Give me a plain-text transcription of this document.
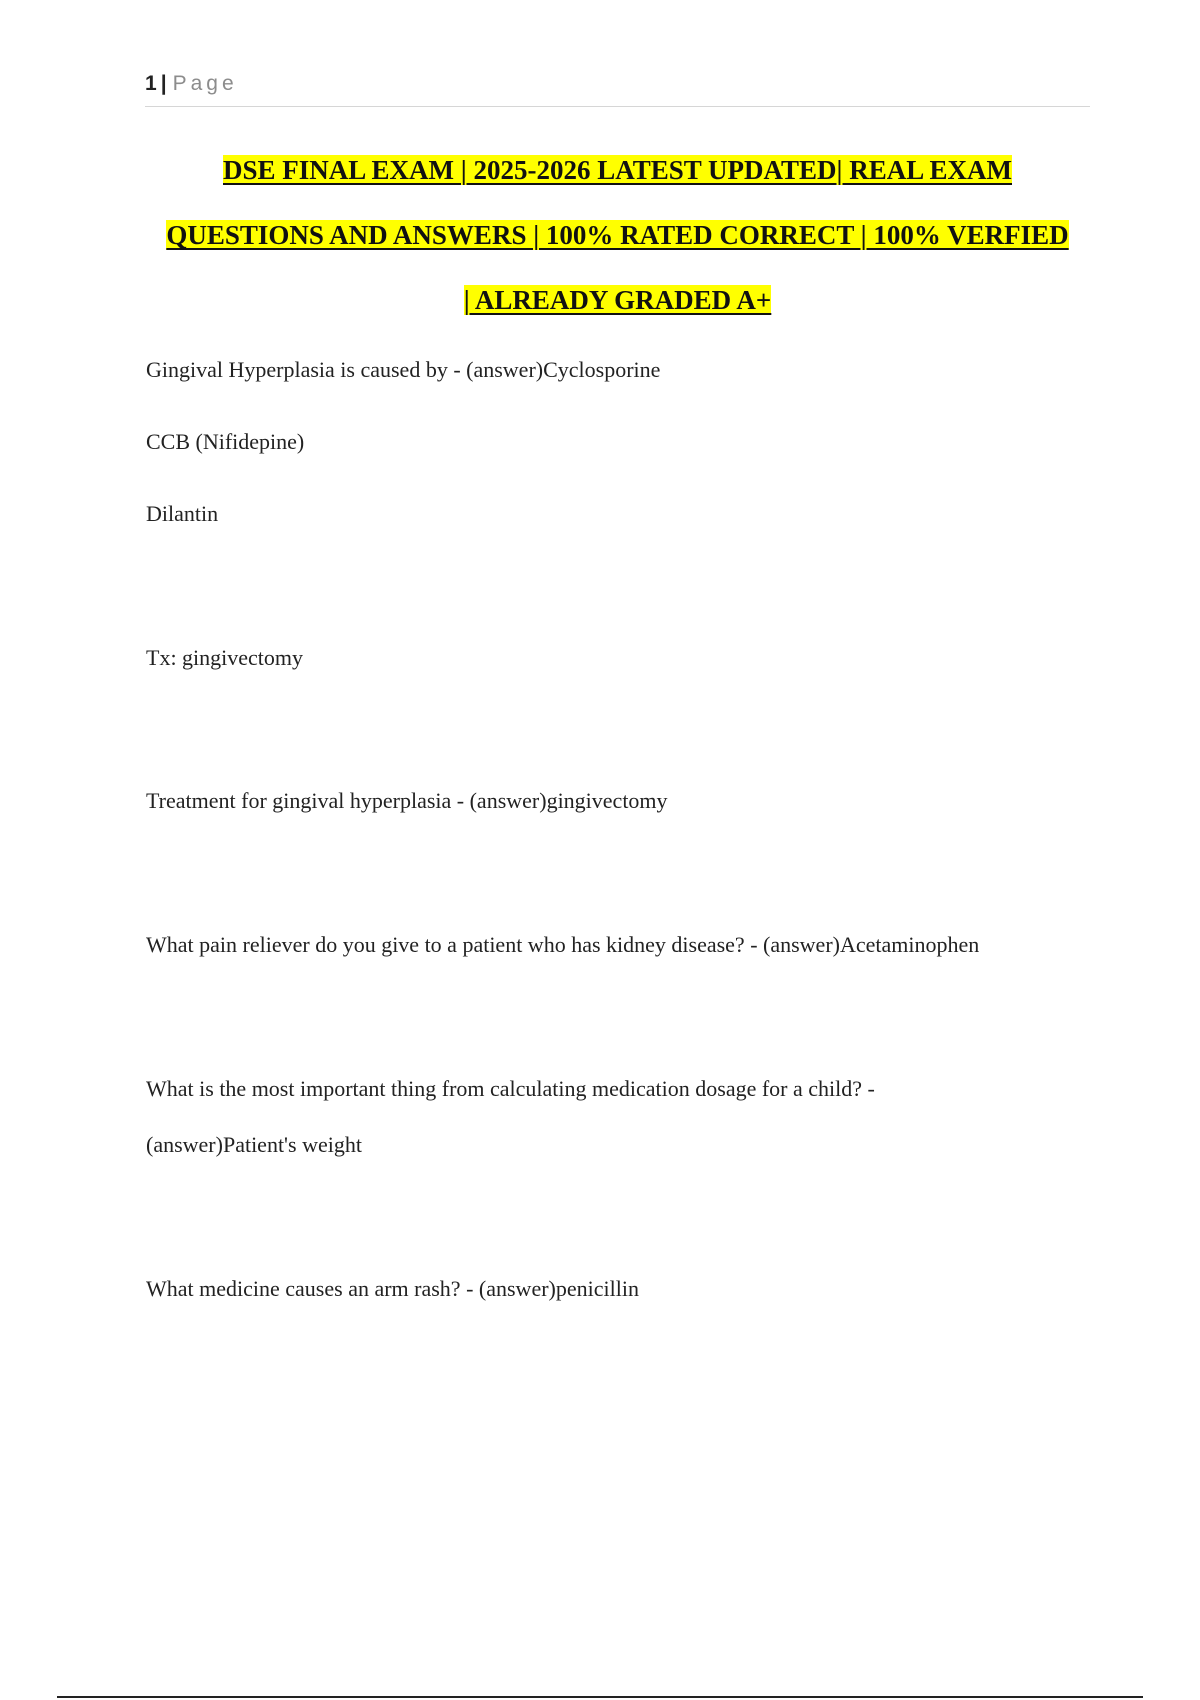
1 | Page
DSE FINAL EXAM | 2025-2026 LATEST UPDATED| REAL EXAM
QUESTIONS AND ANSWERS | 100% RATED CORRECT | 100% VERFIED
| ALREADY GRADED A+
Gingival Hyperplasia is caused by - (answer)Cyclosporine
CCB (Nifidepine)
Dilantin
Tx: gingivectomy
Treatment for gingival hyperplasia - (answer)gingivectomy
What pain reliever do you give to a patient who has kidney disease? - (answer)Acetaminophen
What is the most important thing from calculating medication dosage for a child? -
(answer)Patient's weight
What medicine causes an arm rash? - (answer)penicillin
